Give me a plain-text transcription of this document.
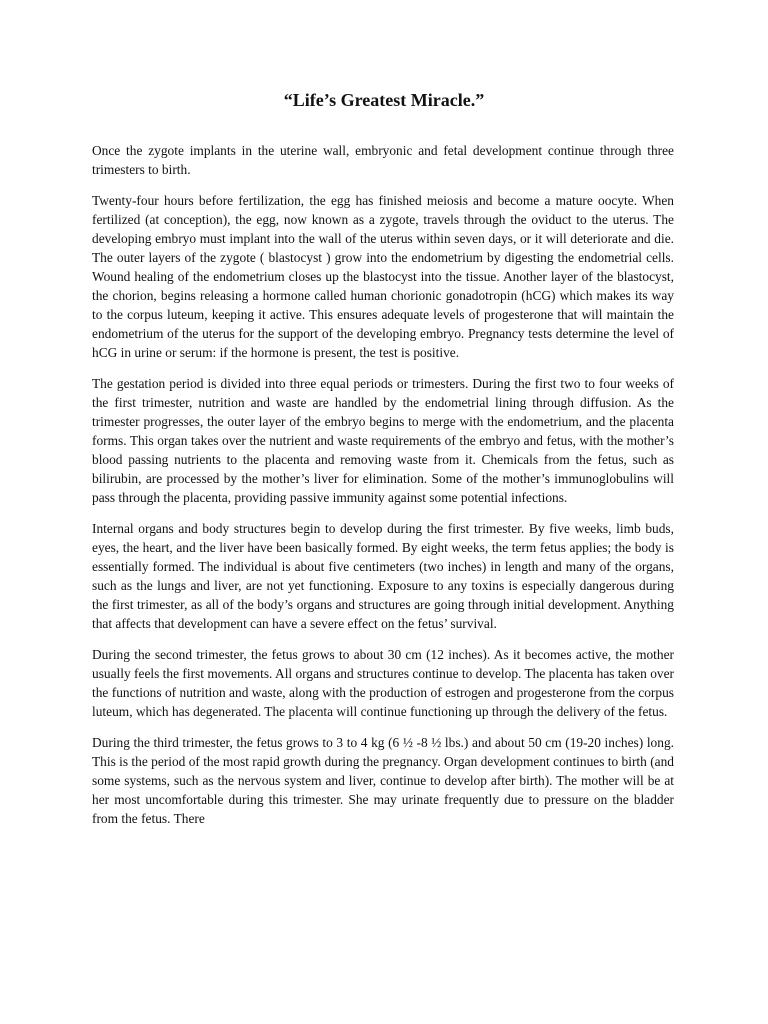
“Life’s Greatest Miracle.”

Once the zygote implants in the uterine wall, embryonic and fetal development continue through three trimesters to birth.

Twenty-four hours before fertilization, the egg has finished meiosis and become a mature oocyte. When fertilized (at conception), the egg, now known as a zygote, travels through the oviduct to the uterus. The developing embryo must implant into the wall of the uterus within seven days, or it will deteriorate and die. The outer layers of the zygote ( blastocyst ) grow into the endometrium by digesting the endometrial cells. Wound healing of the endometrium closes up the blastocyst into the tissue. Another layer of the blastocyst, the chorion, begins releasing a hormone called human chorionic gonadotropin (hCG) which makes its way to the corpus luteum, keeping it active. This ensures adequate levels of progesterone that will maintain the endometrium of the uterus for the support of the developing embryo. Pregnancy tests determine the level of hCG in urine or serum: if the hormone is present, the test is positive.

The gestation period is divided into three equal periods or trimesters. During the first two to four weeks of the first trimester, nutrition and waste are handled by the endometrial lining through diffusion. As the trimester progresses, the outer layer of the embryo begins to merge with the endometrium, and the placenta forms. This organ takes over the nutrient and waste requirements of the embryo and fetus, with the mother’s blood passing nutrients to the placenta and removing waste from it. Chemicals from the fetus, such as bilirubin, are processed by the mother’s liver for elimination. Some of the mother’s immunoglobulins will pass through the placenta, providing passive immunity against some potential infections.

Internal organs and body structures begin to develop during the first trimester. By five weeks, limb buds, eyes, the heart, and the liver have been basically formed. By eight weeks, the term fetus applies; the body is essentially formed. The individual is about five centimeters (two inches) in length and many of the organs, such as the lungs and liver, are not yet functioning. Exposure to any toxins is especially dangerous during the first trimester, as all of the body’s organs and structures are going through initial development. Anything that affects that development can have a severe effect on the fetus’ survival.

During the second trimester, the fetus grows to about 30 cm (12 inches). As it becomes active, the mother usually feels the first movements. All organs and structures continue to develop. The placenta has taken over the functions of nutrition and waste, along with the production of estrogen and progesterone from the corpus luteum, which has degenerated. The placenta will continue functioning up through the delivery of the fetus.

During the third trimester, the fetus grows to 3 to 4 kg (6 ½ -8 ½ lbs.) and about 50 cm (19-20 inches) long. This is the period of the most rapid growth during the pregnancy. Organ development continues to birth (and some systems, such as the nervous system and liver, continue to develop after birth). The mother will be at her most uncomfortable during this trimester. She may urinate frequently due to pressure on the bladder from the fetus. There
